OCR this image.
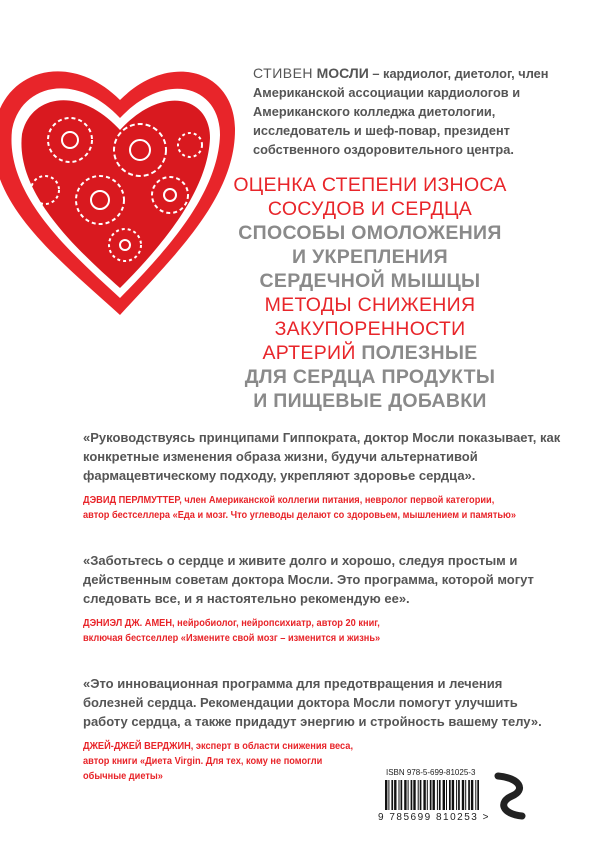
СТИВЕН МОСЛИ – кардиолог, диетолог, член Американской ассоциации кардиологов и Американского колледжа диетологии, исследователь и шеф-повар, президент собственного оздоровительного центра.
ОЦЕНКА СТЕПЕНИ ИЗНОСА
СОСУДОВ И СЕРДЦА
СПОСОБЫ ОМОЛОЖЕНИЯ
И УКРЕПЛЕНИЯ
СЕРДЕЧНОЙ МЫШЦЫ
МЕТОДЫ СНИЖЕНИЯ
ЗАКУПОРЕННОСТИ
АРТЕРИЙ ПОЛЕЗНЫЕ
ДЛЯ СЕРДЦА ПРОДУКТЫ
И ПИЩЕВЫЕ ДОБАВКИ
«Руководствуясь принципами Гиппократа, доктор Мосли показывает, как конкретные изменения образа жизни, будучи альтернативой фармацевтическому подходу, укрепляют здоровье сердца».
ДЭВИД ПЕРЛМУТТЕР, член Американской коллегии питания, невролог первой категории,
автор бестселлера «Еда и мозг. Что углеводы делают со здоровьем, мышлением и памятью»
«Заботьтесь о сердце и живите долго и хорошо, следуя простым и действенным советам доктора Мосли. Это программа, которой могут следовать все, и я настоятельно рекомендую ее».
ДЭНИЭЛ ДЖ. АМЕН, нейробиолог, нейропсихиатр, автор 20 книг,
включая бестселлер «Измените свой мозг – изменится и жизнь»
«Это инновационная программа для предотвращения и лечения болезней сердца. Рекомендации доктора Мосли помогут улучшить работу сердца, а также придадут энергию и стройность вашему телу».
ДЖЕЙ-ДЖЕЙ ВЕРДЖИН, эксперт в области снижения веса,
автор книги «Диета Virgin. Для тех, кому не помогли
обычные диеты»	ISBN 978-5-699-81025-3
9 785699 810253 >
